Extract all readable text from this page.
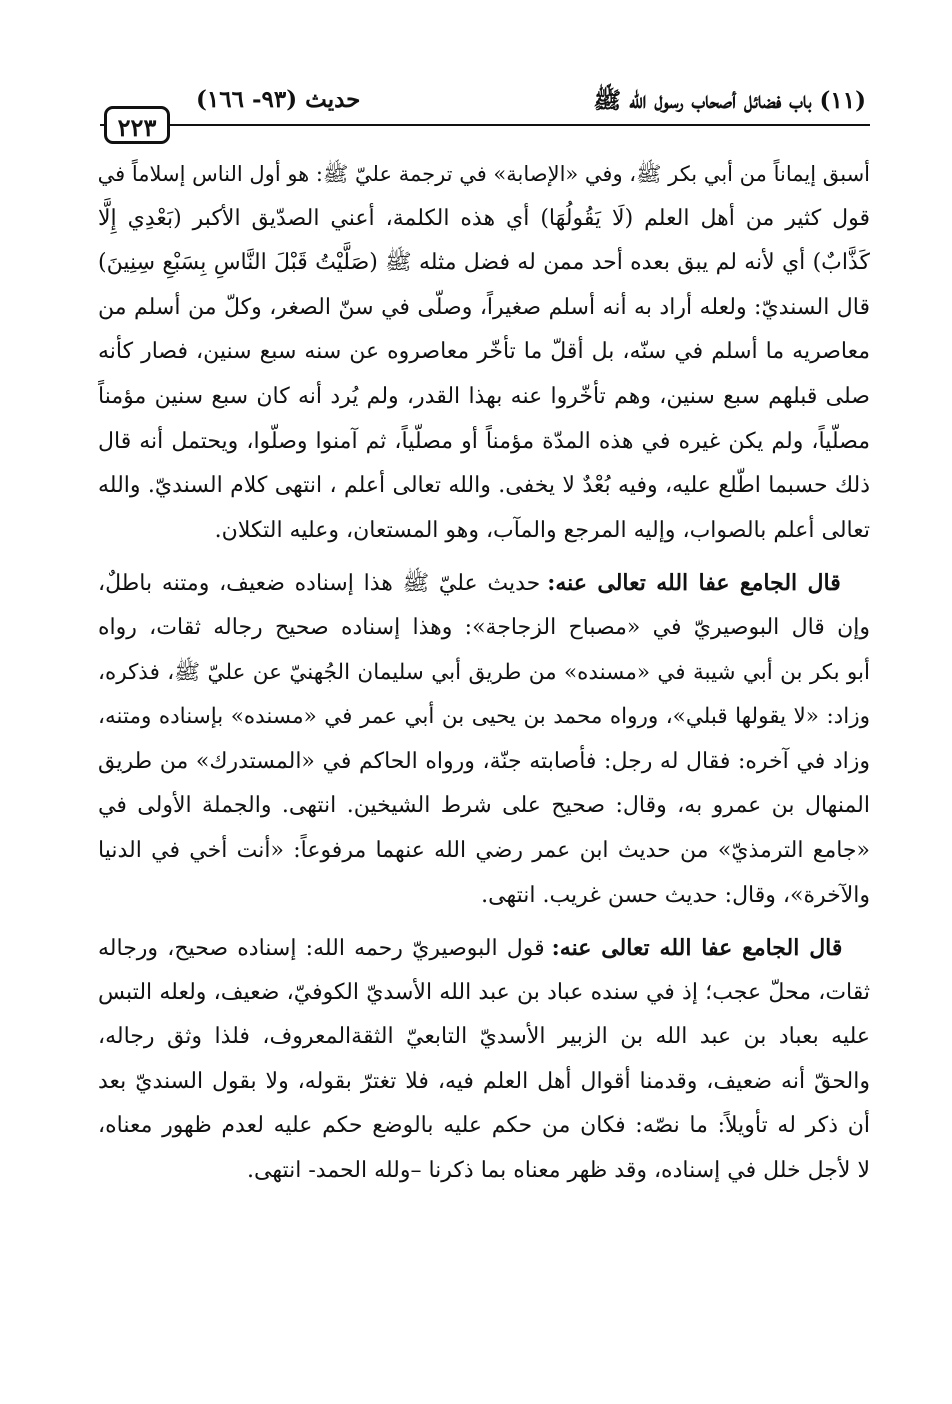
(١١) باب فضائل أصحاب رسول الله ﷺ
حديث (٩٣- ١٦٦)
٢٢٣
أسبق إيماناً من أبي بكر ﷺ، وفي «الإصابة» في ترجمة عليّ ﷺ: هو أول الناس إسلاماً في
قول كثير من أهل العلم (لَا يَقُولُهَا) أي هذه الكلمة، أعني الصدّيق الأكبر (بَعْدِي إِلَّا
كَذَّابٌ) أي لأنه لم يبق بعده أحد ممن له فضل مثله ﷺ (صَلَّيْتُ قَبْلَ النَّاسِ بِسَبْعِ سِنِينَ)
قال السنديّ: ولعله أراد به أنه أسلم صغيراً، وصلّى في سنّ الصغر، وكلّ من أسلم من
معاصريه ما أسلم في سنّه، بل أقلّ ما تأخّر معاصروه عن سنه سبع سنين، فصار كأنه
صلى قبلهم سبع سنين، وهم تأخّروا عنه بهذا القدر، ولم يُرد أنه كان سبع سنين مؤمناً
مصلّياً، ولم يكن غيره في هذه المدّة مؤمناً أو مصلّياً، ثم آمنوا وصلّوا، ويحتمل أنه قال
ذلك حسبما اطّلع عليه، وفيه بُعْدٌ لا يخفى. والله تعالى أعلم ، انتهى كلام السنديّ. والله
تعالى أعلم بالصواب، وإليه المرجع والمآب، وهو المستعان، وعليه التكلان.
قال الجامع عفا الله تعالى عنه: حديث عليّ ﷺ هذا إسناده ضعيف، ومتنه باطلٌ،
وإن قال البوصيريّ في «مصباح الزجاجة»: وهذا إسناده صحيح رجاله ثقات، رواه
أبو بكر بن أبي شيبة في «مسنده» من طريق أبي سليمان الجُهنيّ عن عليّ ﷺ، فذكره،
وزاد: «لا يقولها قبلي»، ورواه محمد بن يحيى بن أبي عمر في «مسنده» بإسناده ومتنه،
وزاد في آخره: فقال له رجل: فأصابته جنّة، ورواه الحاكم في «المستدرك» من طريق
المنهال بن عمرو به، وقال: صحيح على شرط الشيخين. انتهى. والجملة الأولى في
«جامع الترمذيّ» من حديث ابن عمر رضي الله عنهما مرفوعاً: «أنت أخي في الدنيا
والآخرة»، وقال: حديث حسن غريب. انتهى.
قال الجامع عفا الله تعالى عنه: قول البوصيريّ رحمه الله: إسناده صحيح، ورجاله
ثقات، محلّ عجب؛ إذ في سنده عباد بن عبد الله الأسديّ الكوفيّ، ضعيف، ولعله التبس
عليه بعباد بن عبد الله بن الزبير الأسديّ التابعيّ الثقةالمعروف، فلذا وثق رجاله،
والحقّ أنه ضعيف، وقدمنا أقوال أهل العلم فيه، فلا تغترّ بقوله، ولا بقول السنديّ بعد
أن ذكر له تأويلاً: ما نصّه: فكان من حكم عليه بالوضع حكم عليه لعدم ظهور معناه،
لا لأجل خلل في إسناده، وقد ظهر معناه بما ذكرنا –ولله الحمد- انتهى.
